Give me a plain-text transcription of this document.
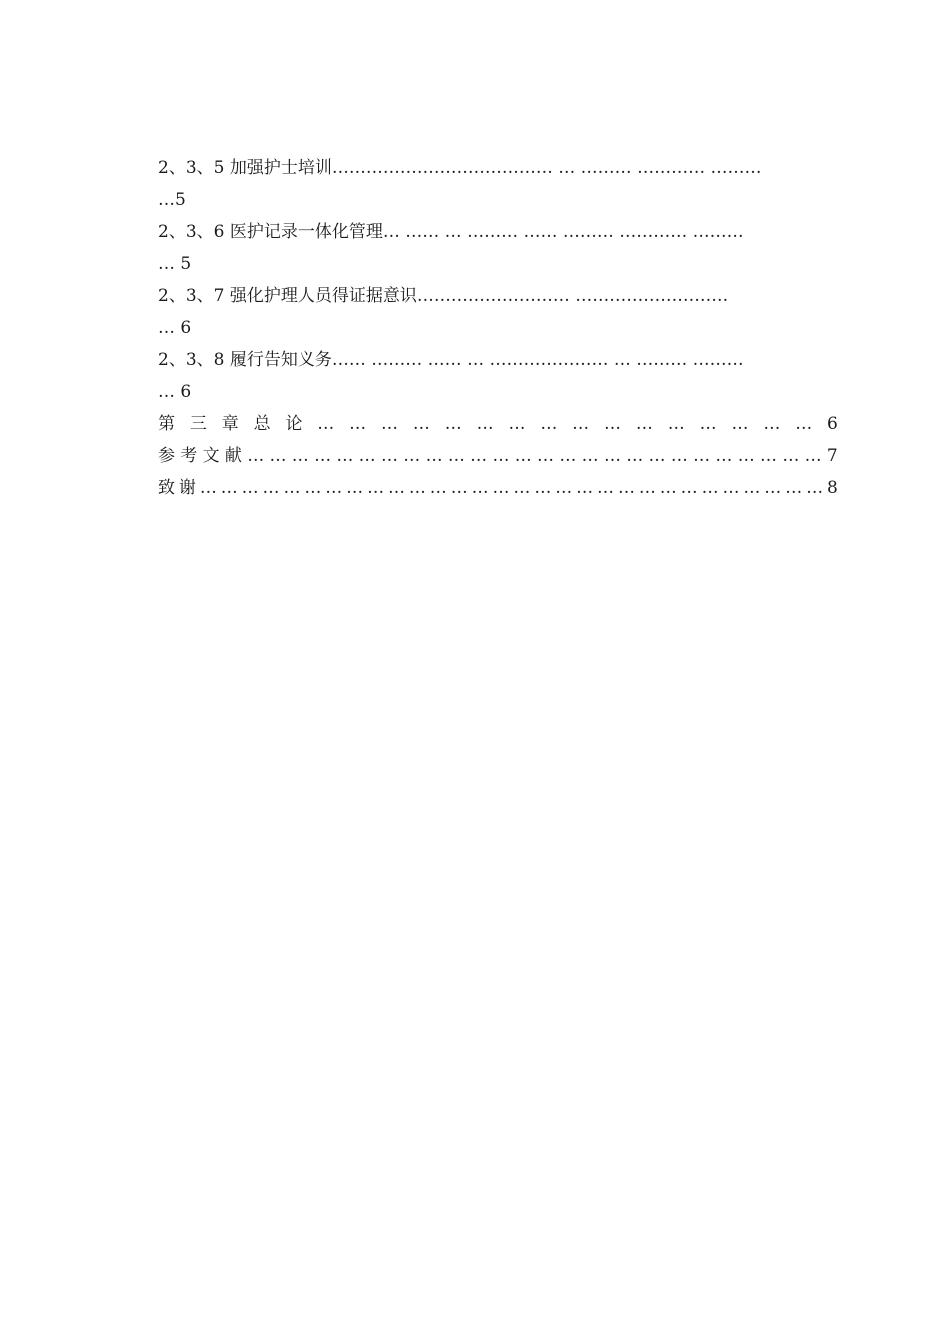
2、3、5 加强护士培训………………………………… … ……… ………… ………
…5
2、3、6 医护记录一体化管理… …… … ……… …… ……… ………… ………
… 5
2、3、7 强化护理人员得证据意识……………………… ………………………
… 6
2、3、8 履行告知义务…… ……… …… … ………………… … ……… ………
… 6
第 三 章 总 论 … … … … … … … … … … … … … … … … 6
参 考 文 献 … … … … … … … … … … … … … … … … … … … … … … … … … … 7
致 谢 … … … … … … … … … … … … … … … … … … … … … … … … … … … … … … 8
